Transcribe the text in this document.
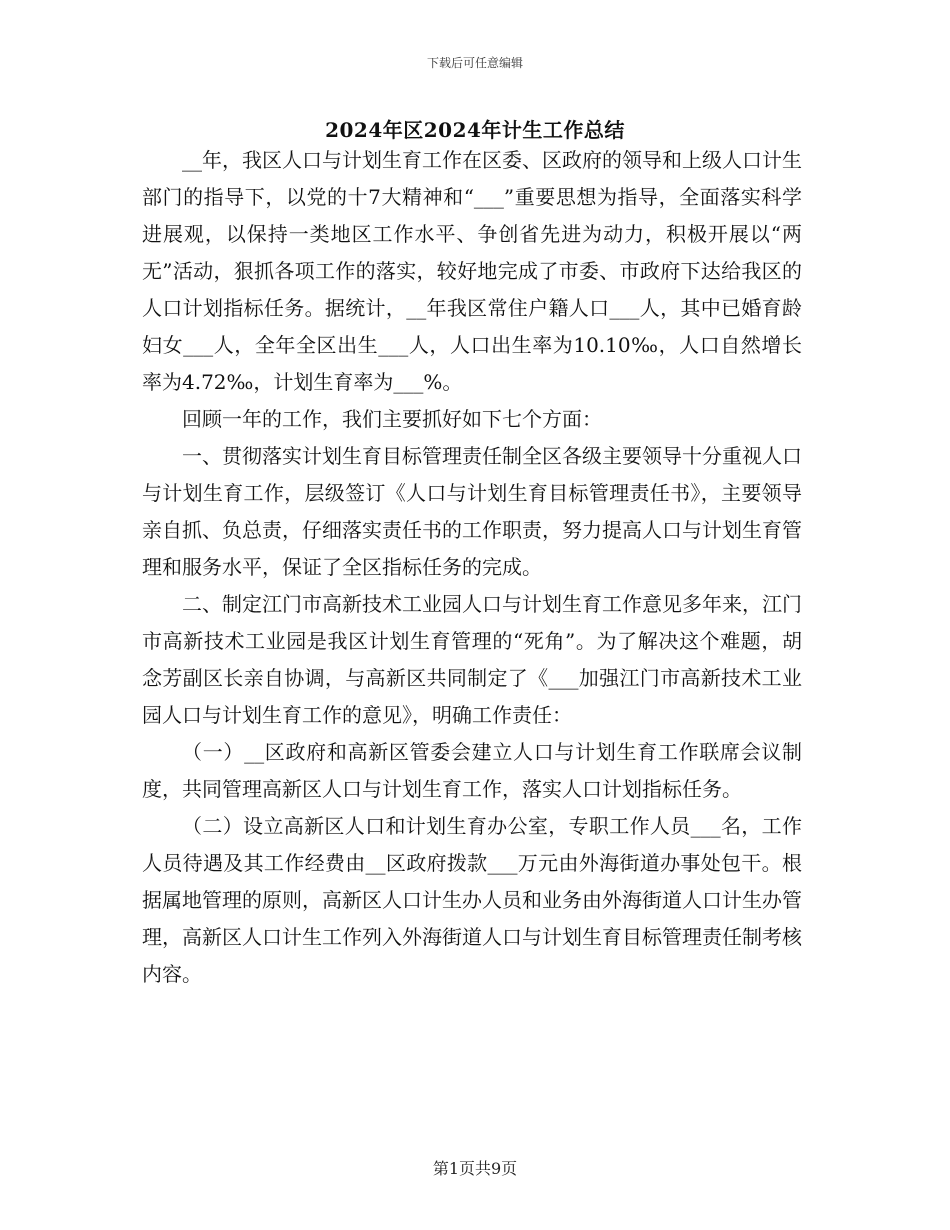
下载后可任意编辑
2024年区2024年计生工作总结

__年，我区人口与计划生育工作在区委、区政府的领导和上级人口计生部门的指导下，以党的十7大精神和“___”重要思想为指导，全面落实科学进展观，以保持一类地区工作水平、争创省先进为动力，积极开展以“两无”活动，狠抓各项工作的落实，较好地完成了市委、市政府下达给我区的人口计划指标任务。据统计，__年我区常住户籍人口___人，其中已婚育龄妇女___人，全年全区出生___人，人口出生率为10.10‰，人口自然增长率为4.72‰，计划生育率为___%。

回顾一年的工作，我们主要抓好如下七个方面：

一、贯彻落实计划生育目标管理责任制全区各级主要领导十分重视人口与计划生育工作，层级签订《人口与计划生育目标管理责任书》，主要领导亲自抓、负总责，仔细落实责任书的工作职责，努力提高人口与计划生育管理和服务水平，保证了全区指标任务的完成。

二、制定江门市高新技术工业园人口与计划生育工作意见多年来，江门市高新技术工业园是我区计划生育管理的“死角”。为了解决这个难题，胡念芳副区长亲自协调，与高新区共同制定了《___加强江门市高新技术工业园人口与计划生育工作的意见》，明确工作责任：

（一）__区政府和高新区管委会建立人口与计划生育工作联席会议制度，共同管理高新区人口与计划生育工作，落实人口计划指标任务。

（二）设立高新区人口和计划生育办公室，专职工作人员___名，工作人员待遇及其工作经费由__区政府拨款___万元由外海街道办事处包干。根据属地管理的原则，高新区人口计生办人员和业务由外海街道人口计生办管理，高新区人口计生工作列入外海街道人口与计划生育目标管理责任制考核内容。

第1页共9页
